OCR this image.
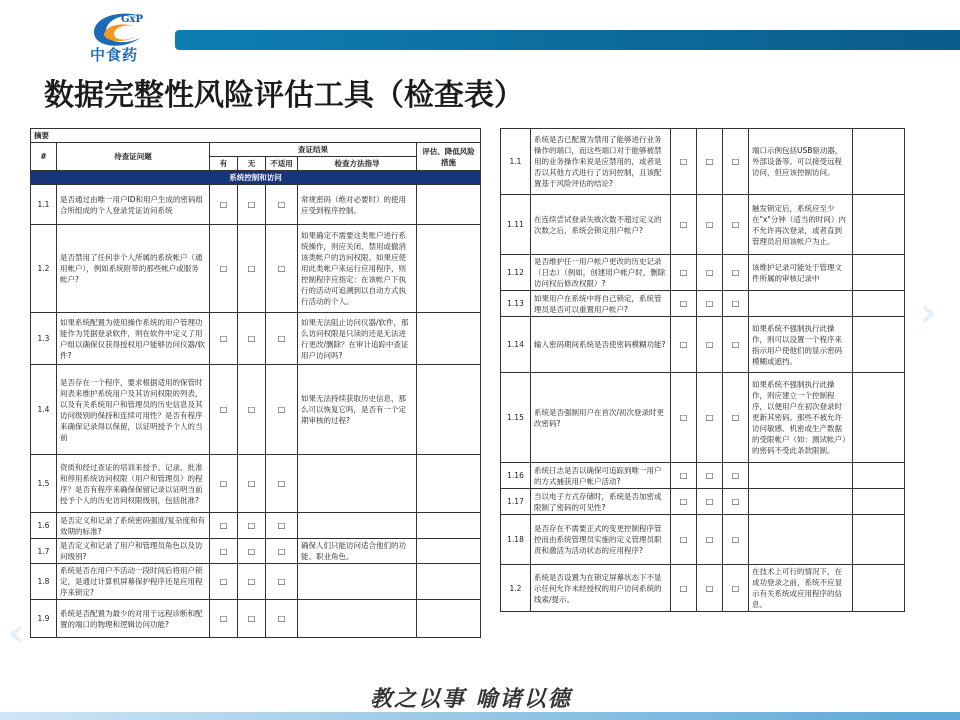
GxP
中食药
数据完整性风险评估工具（检查表）
摘要						
#	待查证问题	查证结果				评估、降低风险措施
		有	无	不适用	检查方法指导	
系统控制和访问						
1.1	是否通过由唯一用户ID和用户生成的密码组合所组成的个人登录凭证访问系统	□	□	□	常规密码（绝对必要时）的使用应受到程序控制。	
1.2	是否禁用了任何非个人所属的系统帐户（通用帐户），例如系统附带的那些帐户或服务帐户?	□	□	□	如果确定不需要这类账户进行系统操作，则应关闭、禁用或撤消该类帐户的访问权限。如果应使用此类帐户来运行应用程序，则控制程序应指定：在该帐户下执行的活动可追溯到以自动方式执行活动的个人。	
1.3	如果系统配置为使用操作系统的用户管理功能作为凭据登录软件，则在软件中定义了用户组以确保仅获得授权用户能够访问仪器/软件?	□	□	□	如果无法阻止访问仪器/软件，那么访问权限是只读的还是无法进行更改/删除？在审计追踪中查证用户访问吗?	
1.4	是否存在一个程序，要求根据适用的保管时间表来维护系统用户及其访问权限的列表，以及有关系统用户和管理员的历史信息及其访问级别的保持和连续可用性？是否有程序来确保记录得以保留，以证明授予个人的当前	□	□	□	如果无法持续获取历史信息，那么可以恢复它吗，是否有一个定期审核的过程?	
1.5	资质和经过查证的培训来授予、记录、批准和停用系统访问权限（用户和管理员）的程序？是否有程序来确保保留记录以证明当前授予个人的历史访问权限级别，包括批准?	□	□	□		
1.6	是否定义和记录了系统密码强度/复杂度和有效期的标准?	□	□	□		
1.7	是否定义和记录了用户和管理员角色以及访问级别?	□	□	□	确保人们只能访问适合他们的功能、职业角色。	
1.8	系统是否在用户不活动一段时间后将用户锁定，是通过计算机屏幕保护程序还是应用程序来锁定?	□	□	□		
1.9	系统是否配置为最少的对用于远程诊断和配置的端口的物理和逻辑访问功能?	□	□	□		
1.1	系统是否已配置为禁用了能够进行业务操作的端口，而这些端口对于能够被禁用的业务操作来说是应禁用的，或者是否以其他方式进行了访问控制，且该配置基于风险评估的结论?	□	□	□	端口示例包括USB驱动器，外部设备等。可以接受远程访问，但应该控制访问。	
1.11	在连续尝试登录失败次数不超过定义的次数之后，系统会锁定用户帐户?	□	□	□	触发锁定后，系统应至少在"x"分钟（适当的时间）内不允许再次登录，或者直到管理员启用该帐户为止。	
1.12	是否维护任一用户帐户更改的历史记录（日志）（例如，创建用户帐户时，删除访问权后修改权限）?	□	□	□	该维护记录可能处于管理文件所属的审核记录中	
1.13	如果用户在系统中将自己锁定，系统管理员是否可以重置用户帐户?	□	□	□		
1.14	输入密码期间系统是否使密码模糊功能?	□	□	□	如果系统不强制执行此操作，则可以设置一个程序来指示用户使他们的显示密码模糊或遮挡。	
1.15	系统是否强制用户在首次/初次登录时更改密码?	□	□	□	如果系统不强制执行此操作，则应建立一个控制程序，以便用户在初次登录时更新其密码。那些不被允许访问敏感、机密或生产数据的受限帐户（如：测试帐户）的密码不受此条款限制。	
1.16	系统日志是否以确保可追踪到唯一用户的方式捕获用户帐户活动?	□	□	□		
1.17	当以电子方式存储时，系统是否加密或限制了密码的可见性?	□	□	□		
1.18	是否存在不需要正式的变更控制程序管控而由系统管理员实施的定义管理员职责和激活为活动状态的应用程序?	□	□	□		
1.2	系统是否设置为在锁定屏幕状态下不显示任何允许未经授权的用户访问系统的线索/提示。	□	□	□	在技术上可行的情况下，在成功登录之前，系统不应显示有关系统或应用程序的信息。	
‹
›
教之以事 喻诸以德
